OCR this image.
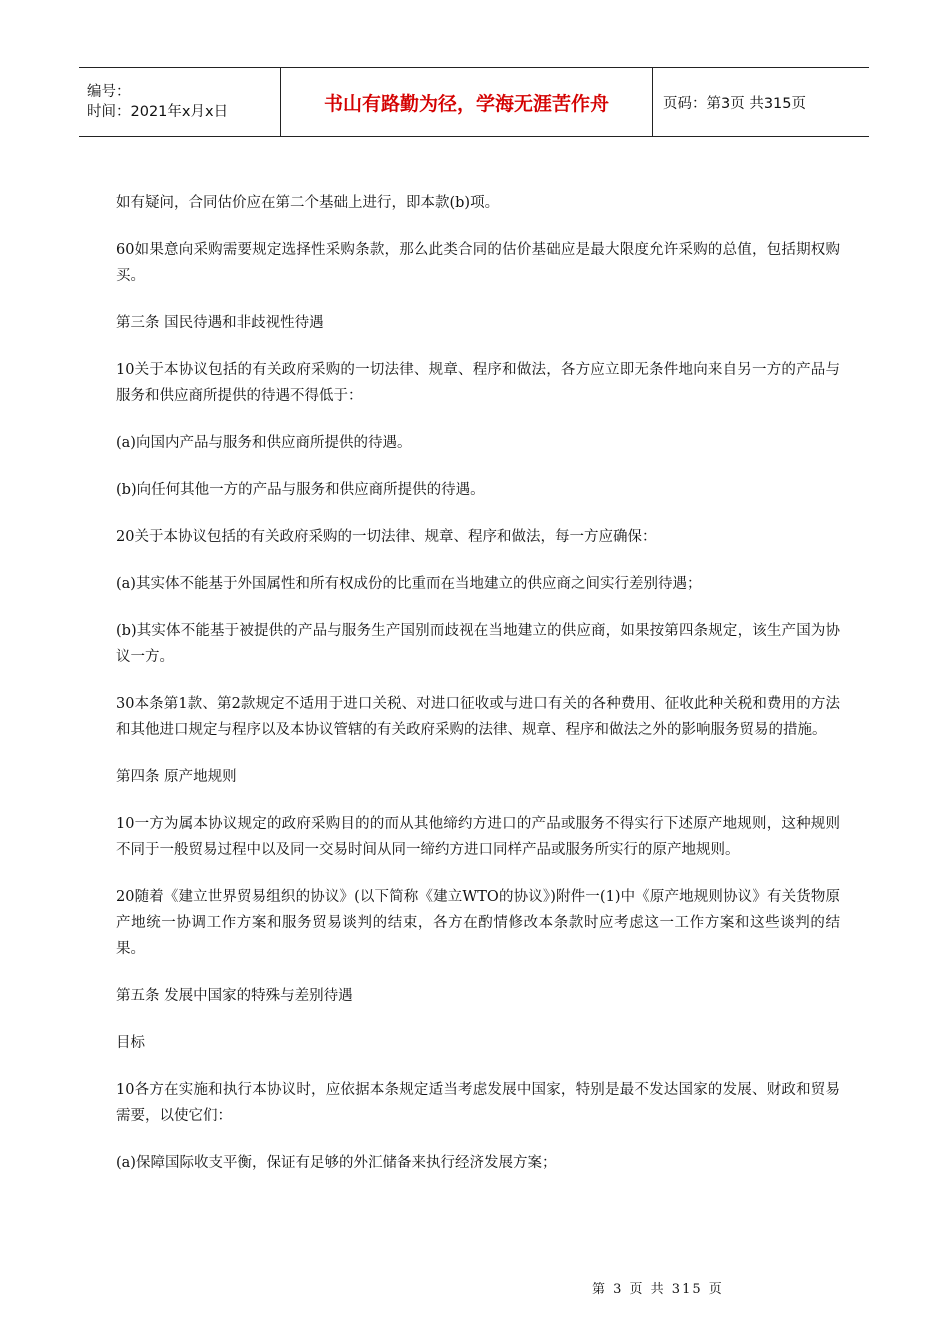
编号：
时间：2021年x月x日	书山有路勤为径，学海无涯苦作舟	页码：第3页 共315页

如有疑问，合同估价应在第二个基础上进行，即本款(b)项。

60如果意向采购需要规定选择性采购条款，那么此类合同的估价基础应是最大限度允许采购的总值，包括期权购买。

第三条 国民待遇和非歧视性待遇

10关于本协议包括的有关政府采购的一切法律、规章、程序和做法，各方应立即无条件地向来自另一方的产品与服务和供应商所提供的待遇不得低于：

(a)向国内产品与服务和供应商所提供的待遇。

(b)向任何其他一方的产品与服务和供应商所提供的待遇。

20关于本协议包括的有关政府采购的一切法律、规章、程序和做法，每一方应确保：

(a)其实体不能基于外国属性和所有权成份的比重而在当地建立的供应商之间实行差别待遇；

(b)其实体不能基于被提供的产品与服务生产国别而歧视在当地建立的供应商，如果按第四条规定，该生产国为协议一方。

30本条第1款、第2款规定不适用于进口关税、对进口征收或与进口有关的各种费用、征收此种关税和费用的方法和其他进口规定与程序以及本协议管辖的有关政府采购的法律、规章、程序和做法之外的影响服务贸易的措施。

第四条 原产地规则

10一方为属本协议规定的政府采购目的的而从其他缔约方进口的产品或服务不得实行下述原产地规则，这种规则不同于一般贸易过程中以及同一交易时间从同一缔约方进口同样产品或服务所实行的原产地规则。

20随着《建立世界贸易组织的协议》(以下简称《建立WTO的协议》)附件一(1)中《原产地规则协议》有关货物原产地统一协调工作方案和服务贸易谈判的结束，各方在酌情修改本条款时应考虑这一工作方案和这些谈判的结果。

第五条 发展中国家的特殊与差别待遇

目标

10各方在实施和执行本协议时，应依据本条规定适当考虑发展中国家，特别是最不发达国家的发展、财政和贸易需要，以使它们：

(a)保障国际收支平衡，保证有足够的外汇储备来执行经济发展方案；

第 3 页 共 315 页
